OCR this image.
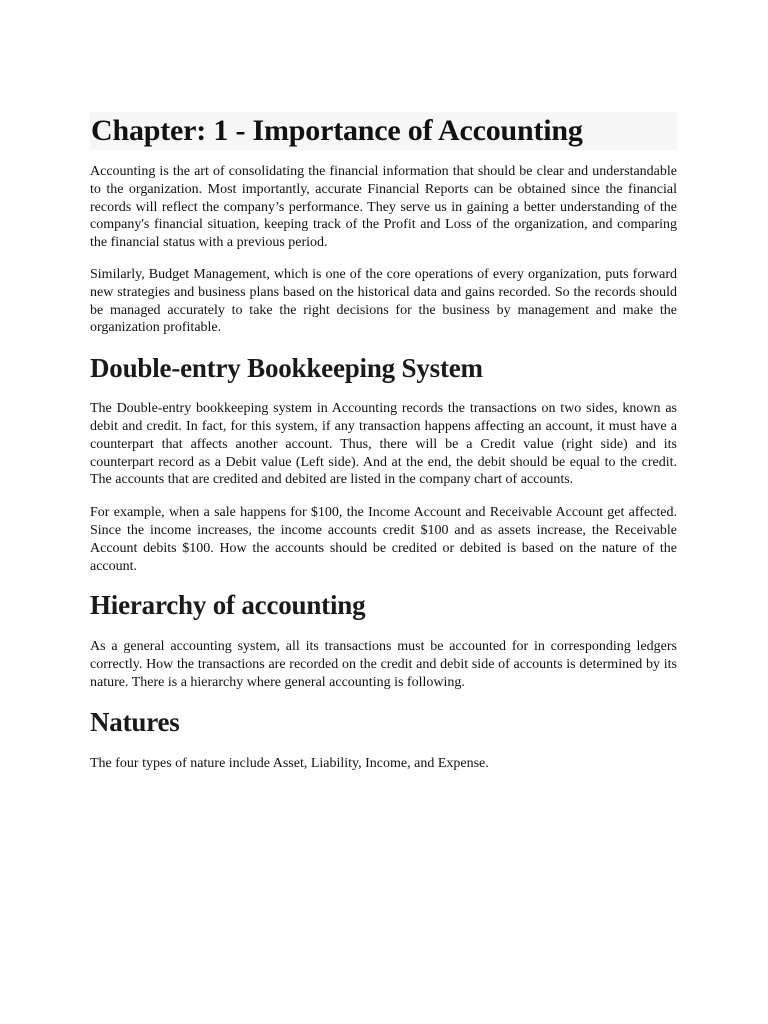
Chapter: 1 - Importance of Accounting

Accounting is the art of consolidating the financial information that should be clear and understandable to the organization. Most importantly, accurate Financial Reports can be obtained since the financial records will reflect the company’s performance. They serve us in gaining a better understanding of the company's financial situation, keeping track of the Profit and Loss of the organization, and comparing the financial status with a previous period.

Similarly, Budget Management, which is one of the core operations of every organization, puts forward new strategies and business plans based on the historical data and gains recorded. So the records should be managed accurately to take the right decisions for the business by management and make the organization profitable.

Double-entry Bookkeeping System

The Double-entry bookkeeping system in Accounting records the transactions on two sides, known as debit and credit. In fact, for this system, if any transaction happens affecting an account, it must have a counterpart that affects another account. Thus, there will be a Credit value (right side) and its counterpart record as a Debit value (Left side). And at the end, the debit should be equal to the credit. The accounts that are credited and debited are listed in the company chart of accounts.

For example, when a sale happens for $100, the Income Account and Receivable Account get affected. Since the income increases, the income accounts credit $100 and as assets increase, the Receivable Account debits $100. How the accounts should be credited or debited is based on the nature of the account.

Hierarchy of accounting

As a general accounting system, all its transactions must be accounted for in corresponding ledgers correctly. How the transactions are recorded on the credit and debit side of accounts is determined by its nature. There is a hierarchy where general accounting is following.

Natures

The four types of nature include Asset, Liability, Income, and Expense.
